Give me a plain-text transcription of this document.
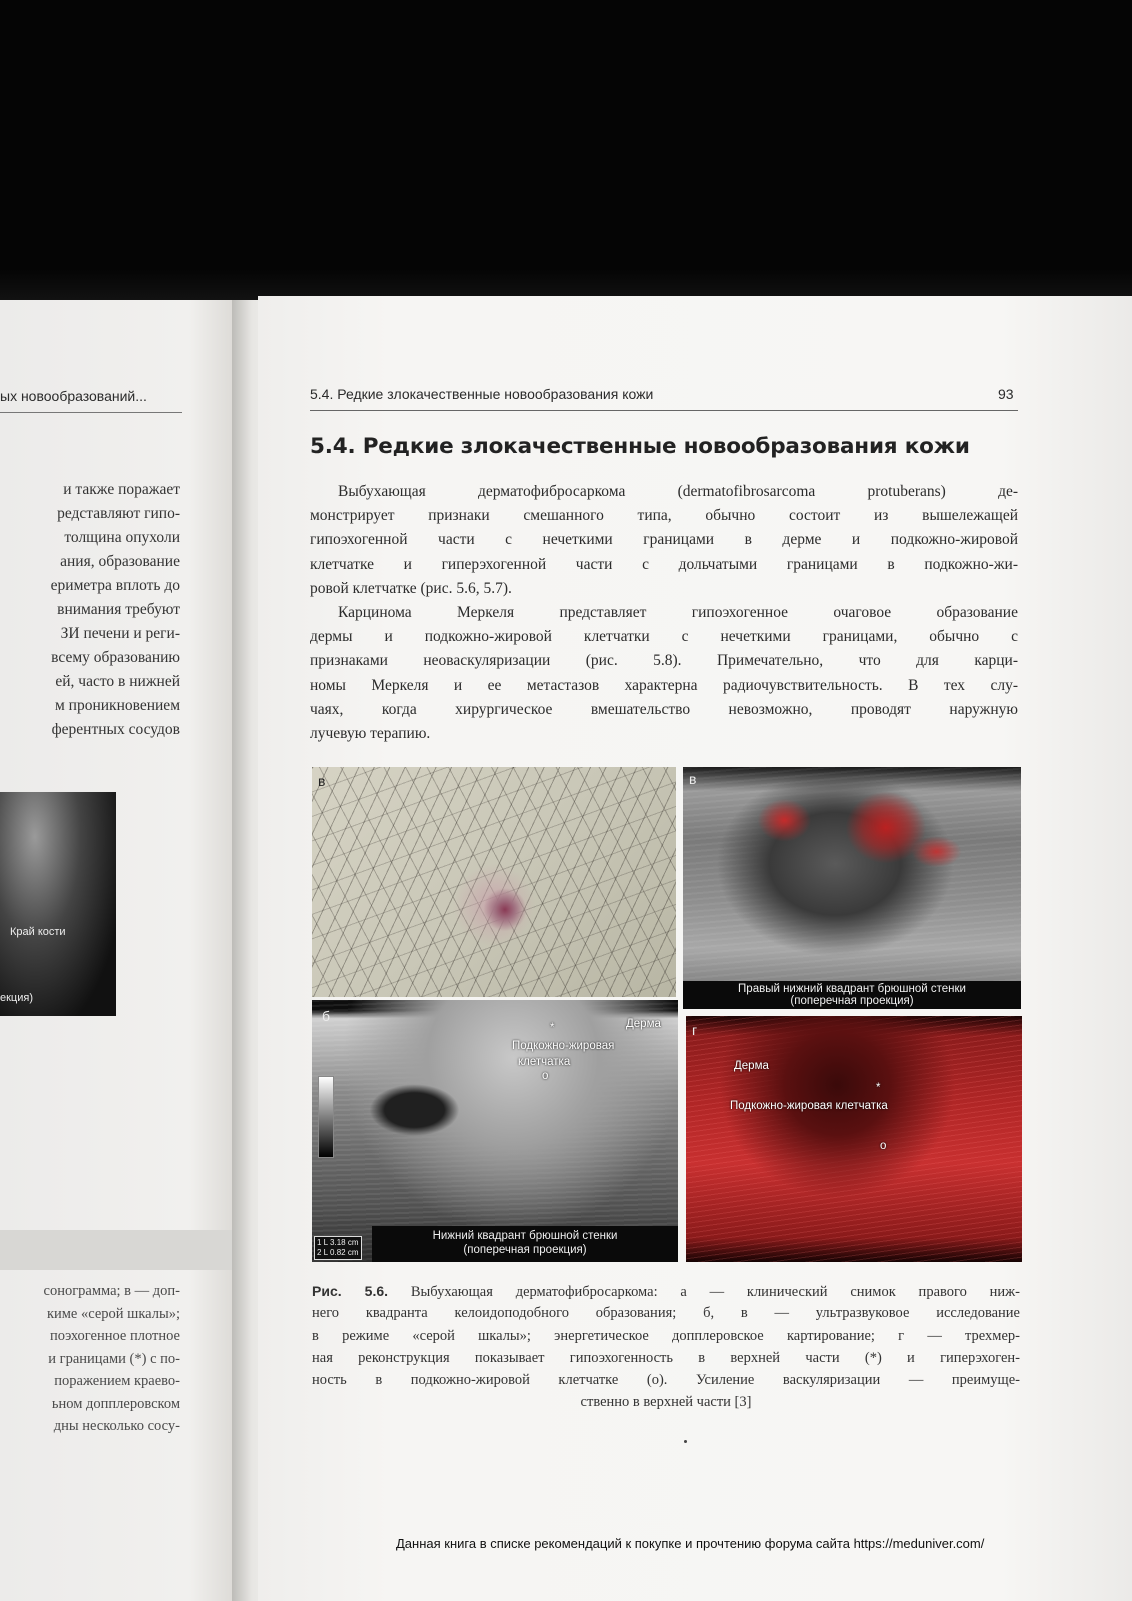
ых новообразований...
и также поражает
редставляют гипо-
толщина опухоли
ания, образование
ериметра вплоть до
внимания требуют
ЗИ печени и реги-
всему образованию
ей, часто в нижней
м проникновением
ферентных сосудов
Край кости
екция)
сонограмма; в — доп-
киме «серой шкалы»;
поэхогенное плотное
и границами (*) с по-
поражением краево-
ьном допплеровском
дны несколько сосу-
5.4. Редкие злокачественные новообразования кожи	93
5.4. Редкие злокачественные новообразования кожи
Выбухающая дерматофибросаркома (dermatofibrosarcoma protuberans) де-
монстрирует признаки смешанного типа, обычно состоит из вышележащей
гипоэхогенной части с нечеткими границами в дерме и подкожно-жировой
клетчатке и гиперэхогенной части с дольчатыми границами в подкожно-жи-
ровой клетчатке (рис. 5.6, 5.7).
Карцинома Меркеля представляет гипоэхогенное очаговое образование
дермы и подкожно-жировой клетчатки с нечеткими границами, обычно с
признаками неоваскуляризации (рис. 5.8). Примечательно, что для карци-
номы Меркеля и ее метастазов характерна радиочувствительность. В тех слу-
чаях, когда хирургическое вмешательство невозможно, проводят наружную
лучевую терапию.
в	в
Правый нижний квадрант брюшной стенки
(поперечная проекция)
б	Дерма
Подкожно-жировая
клетчатка
о
*
Нижний квадрант брюшной стенки
(поперечная проекция)
1 L 3.18 cm
2 L 0.82 cm
г
Дерма
*
Подкожно-жировая клетчатка
о
Рис. 5.6. Выбухающая дерматофибросаркома: а — клинический снимок правого ниж-
него квадранта келоидоподобного образования; б, в — ультразвуковое исследование
в режиме «серой шкалы»; энергетическое допплеровское картирование; г — трехмер-
ная реконструкция показывает гипоэхогенность в верхней части (*) и гиперэхоген-
ность в подкожно-жировой клетчатке (о). Усиление васкуляризации — преимуще-
ственно в верхней части [3]
Данная книга в списке рекомендаций к покупке и прочтению форума сайта https://meduniver.com/
